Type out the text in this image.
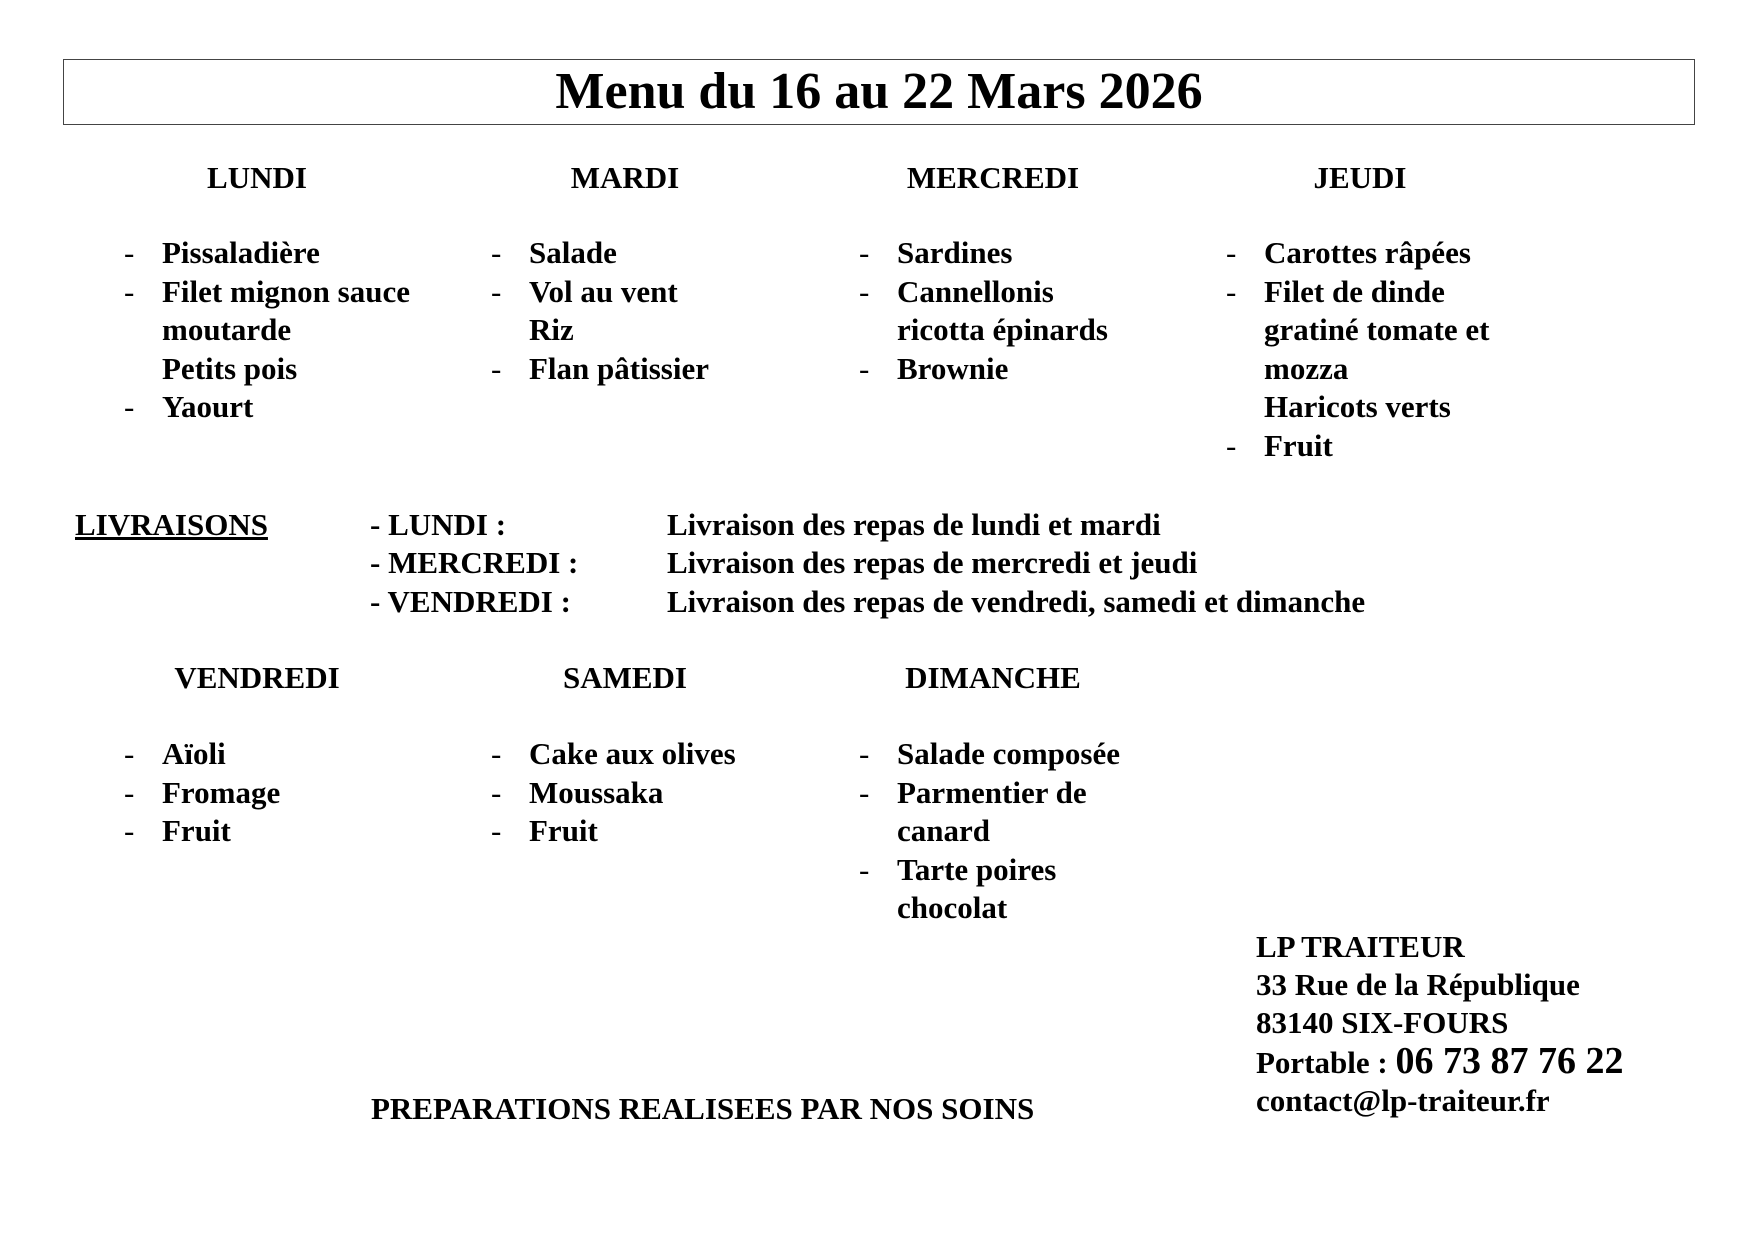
Menu du 16 au 22 Mars 2026
LUNDI
- Pissaladière
- Filet mignon sauce
moutarde
Petits pois
- Yaourt
MARDI
- Salade
- Vol au vent
Riz
- Flan pâtissier
MERCREDI
- Sardines
- Cannellonis
ricotta épinards
- Brownie
JEUDI
- Carottes râpées
- Filet de dinde
gratiné tomate et
mozza
Haricots verts
- Fruit
LIVRAISONS	- LUNDI :	Livraison des repas de lundi et mardi
- MERCREDI :	Livraison des repas de mercredi et jeudi
- VENDREDI :	Livraison des repas de vendredi, samedi et dimanche
VENDREDI
- Aïoli
- Fromage
- Fruit
SAMEDI
- Cake aux olives
- Moussaka
- Fruit
DIMANCHE
- Salade composée
- Parmentier de
canard
- Tarte poires
chocolat
PREPARATIONS REALISEES PAR NOS SOINS
LP TRAITEUR
33 Rue de la République
83140 SIX-FOURS
Portable : 06 73 87 76 22
contact@lp-traiteur.fr
